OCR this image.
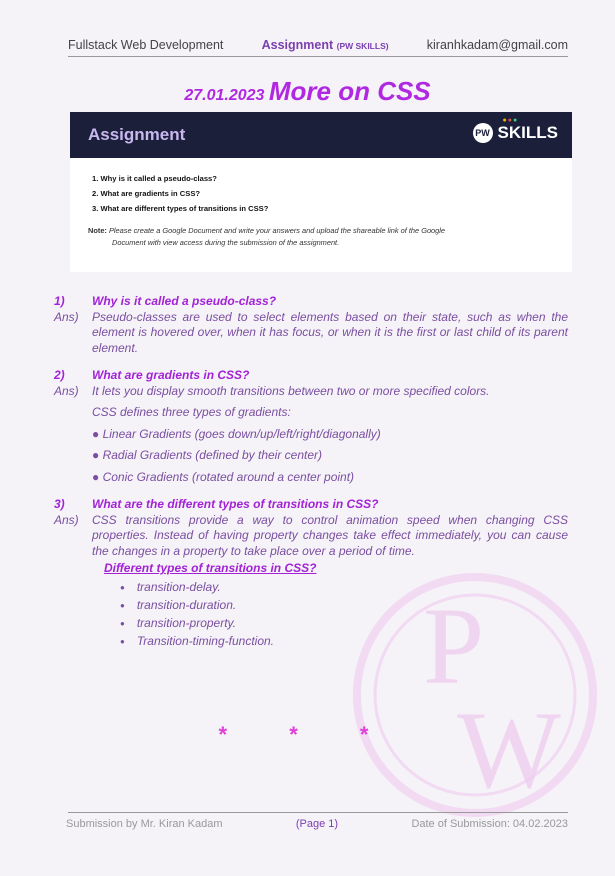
P
W
Fullstack Web Development	Assignment (PW SKILLS)	kiranhkadam@gmail.com
27.01.2023 More on CSS
Assignment	PW
●●●
SKILLS
1. Why is it called a pseudo-class?
2. What are gradients in CSS?
3. What are different types of transitions in CSS?
Note: Please create a Google Document and write your answers and upload the shareable link of the Google
Document with view access during the submission of the assignment.
1)	Why is it called a pseudo-class?
Ans)	Pseudo-classes are used to select elements based on their state, such as when the element is hovered over, when it has focus, or when it is the first or last child of its parent element.
2)	What are gradients in CSS?
Ans)	It lets you display smooth transitions between two or more specified colors.
CSS defines three types of gradients:
● Linear Gradients (goes down/up/left/right/diagonally)
● Radial Gradients (defined by their center)
● Conic Gradients (rotated around a center point)
3)	What are the different types of transitions in CSS?
Ans)	CSS transitions provide a way to control animation speed when changing CSS properties. Instead of having property changes take effect immediately, you can cause the changes in a property to take place over a period of time.
Different types of transitions in CSS?
● transition-delay.
● transition-duration.
● transition-property.
● Transition-timing-function.
* * *
Submission by Mr. Kiran Kadam	(Page 1)	Date of Submission: 04.02.2023
